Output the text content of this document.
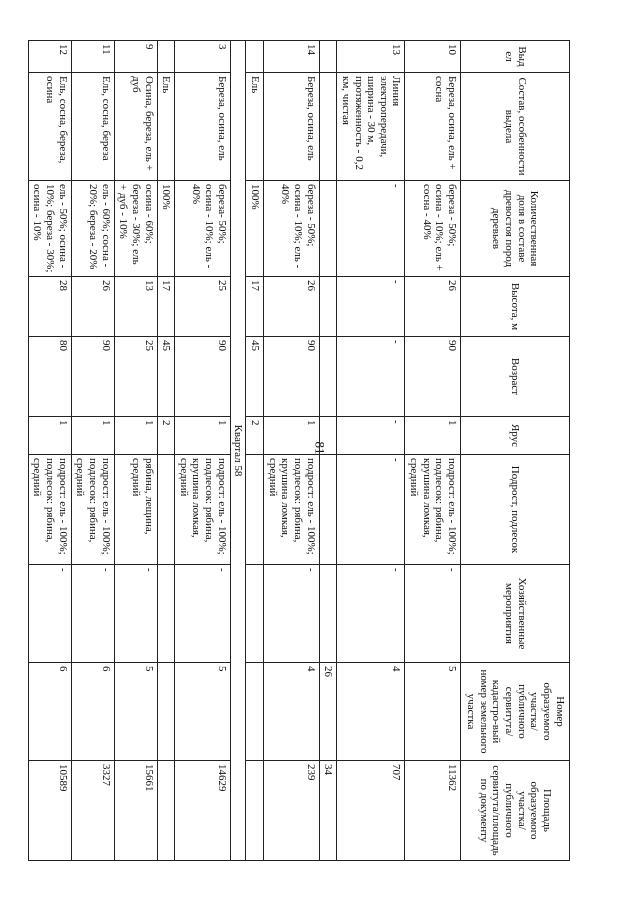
81
Выдел	Состав, особенности выдела	Количественная доля в составе древостоя пород деревьев	Высота, м	Возраст	Ярус	Подрост, подлесок	Хозяйственные мероприятия	Номер образуемого участка/ публичного сервитута/кадастро-вый номер земельного участка	Площадь образуемого участка/ публичного сервитута/площадь по документу
10	Береза, осина, ель + сосна	береза - 50%; осина - 10%; ель + сосна - 40%	26	90	1	подрост: ель - 100%; подлесок: рябина, крушина ломкая, средний	-	5	11362
13	Линия электропередачи, ширина - 30 м, протяженность - 0,2 км, чистая	-	-	-	-	-	-	4	707
								26	34
14	Береза, осина, ель	береза - 50%; осина - 10%; ель - 40%	26	90	1	подрост: ель - 100%; подлесок: рябина, крушина ломкая, средний	-	4	239
	Ель	100%	17	45	2				
Квартал 58									
3	Береза, осина, ель	береза- 50%; осина - 10%; ель - 40%	25	90	1	подрост: ель - 100%; подлесок: рябина, крушина ломкая, средний	-	5	14629
	Ель	100%	17	45	2				
9	Осина, береза, ель + дуб	осина - 60%; береза - 30%; ель + дуб - 10%	13	25	1	рябина, лещина, средний	-	5	15661
11	Ель, сосна, береза	ель - 60%; сосна - 20%; береза - 20%	26	90	1	подрост: ель - 100%; подлесок: рябина, средний	-	6	3327
12	Ель, сосна, береза, осина	ель - 50%; осина - 10%; береза - 30%; осина - 10%	28	80	1	подрост: ель - 100%; подлесок: рябина, средний	-	6	10589
